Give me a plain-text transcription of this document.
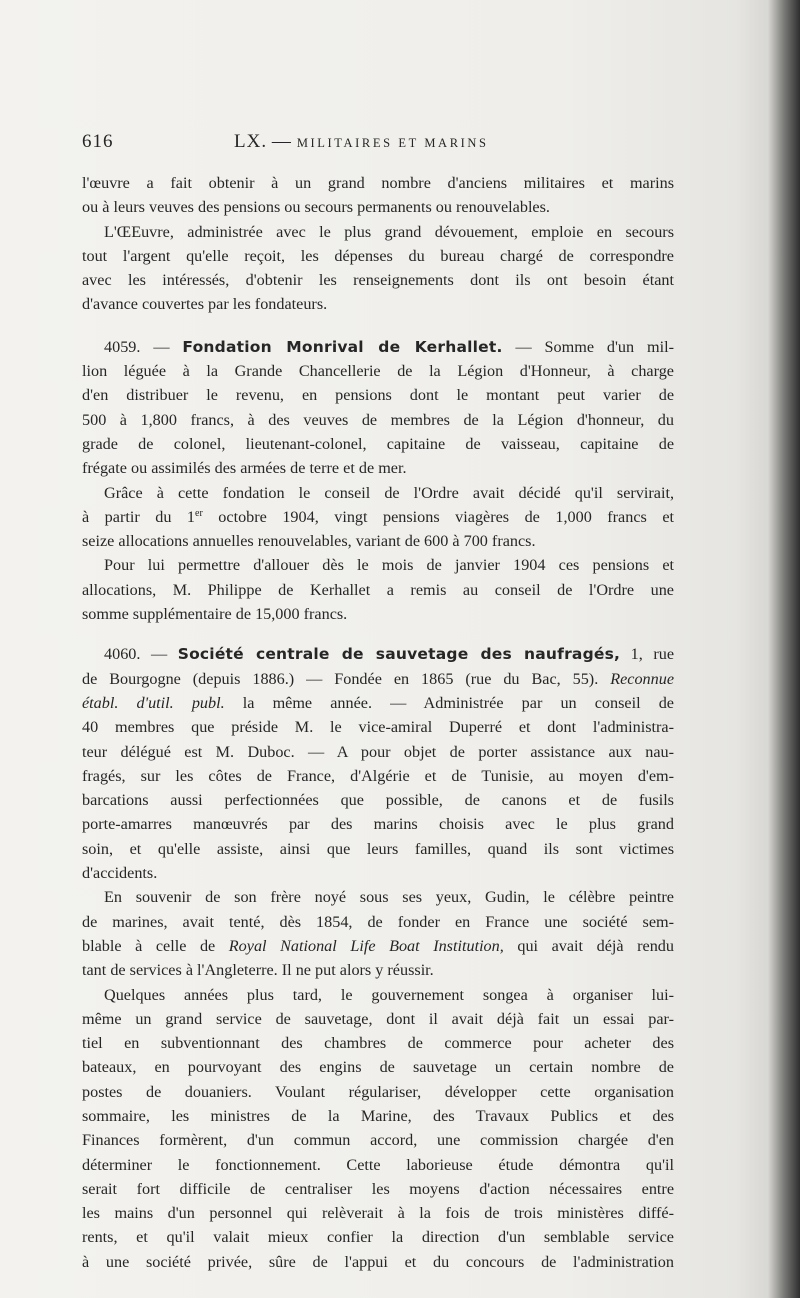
616	LX. — MILITAIRES ET MARINS
l'œuvre a fait obtenir à un grand nombre d'anciens militaires et marins
ou à leurs veuves des pensions ou secours permanents ou renouvelables.
L'ŒEuvre, administrée avec le plus grand dévouement, emploie en secours
tout l'argent qu'elle reçoit, les dépenses du bureau chargé de correspondre
avec les intéressés, d'obtenir les renseignements dont ils ont besoin étant
d'avance couvertes par les fondateurs.
4059. — Fondation Monrival de Kerhallet. — Somme d'un mil-
lion léguée à la Grande Chancellerie de la Légion d'Honneur, à charge
d'en distribuer le revenu, en pensions dont le montant peut varier de
500 à 1,800 francs, à des veuves de membres de la Légion d'honneur, du
grade de colonel, lieutenant-colonel, capitaine de vaisseau, capitaine de
frégate ou assimilés des armées de terre et de mer.
Grâce à cette fondation le conseil de l'Ordre avait décidé qu'il servirait,
à partir du 1er octobre 1904, vingt pensions viagères de 1,000 francs et
seize allocations annuelles renouvelables, variant de 600 à 700 francs.
Pour lui permettre d'allouer dès le mois de janvier 1904 ces pensions et
allocations, M. Philippe de Kerhallet a remis au conseil de l'Ordre une
somme supplémentaire de 15,000 francs.
4060. — Société centrale de sauvetage des naufragés, 1, rue
de Bourgogne (depuis 1886.) — Fondée en 1865 (rue du Bac, 55). Reconnue
établ. d'util. publ. la même année. — Administrée par un conseil de
40 membres que préside M. le vice-amiral Duperré et dont l'administra-
teur délégué est M. Duboc. — A pour objet de porter assistance aux nau-
fragés, sur les côtes de France, d'Algérie et de Tunisie, au moyen d'em-
barcations aussi perfectionnées que possible, de canons et de fusils
porte-amarres manœuvrés par des marins choisis avec le plus grand
soin, et qu'elle assiste, ainsi que leurs familles, quand ils sont victimes
d'accidents.
En souvenir de son frère noyé sous ses yeux, Gudin, le célèbre peintre
de marines, avait tenté, dès 1854, de fonder en France une société sem-
blable à celle de Royal National Life Boat Institution, qui avait déjà rendu
tant de services à l'Angleterre. Il ne put alors y réussir.
Quelques années plus tard, le gouvernement songea à organiser lui-
même un grand service de sauvetage, dont il avait déjà fait un essai par-
tiel en subventionnant des chambres de commerce pour acheter des
bateaux, en pourvoyant des engins de sauvetage un certain nombre de
postes de douaniers. Voulant régulariser, développer cette organisation
sommaire, les ministres de la Marine, des Travaux Publics et des
Finances formèrent, d'un commun accord, une commission chargée d'en
déterminer le fonctionnement. Cette laborieuse étude démontra qu'il
serait fort difficile de centraliser les moyens d'action nécessaires entre
les mains d'un personnel qui relèverait à la fois de trois ministères diffé-
rents, et qu'il valait mieux confier la direction d'un semblable service
à une société privée, sûre de l'appui et du concours de l'administration
